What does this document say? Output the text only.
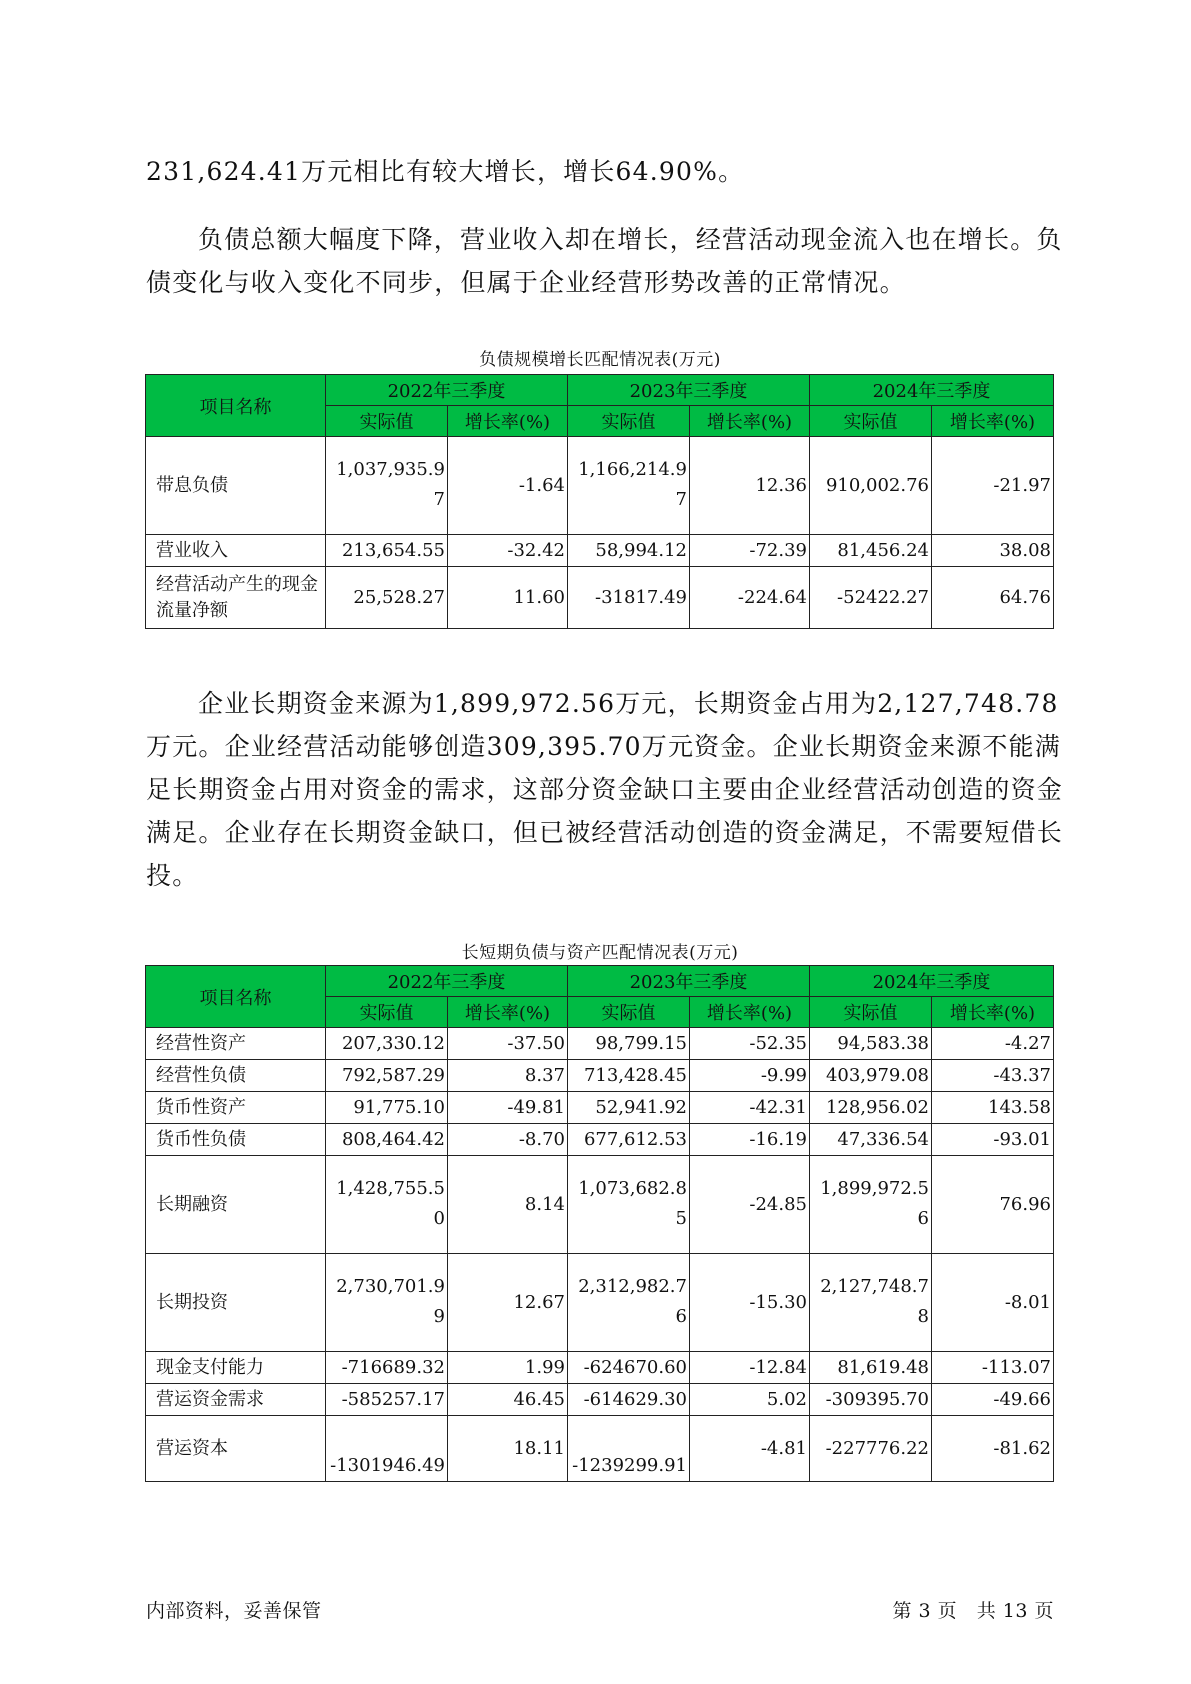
231,624.41万元相比有较大增长，增长64.90%。

负债总额大幅度下降，营业收入却在增长，经营活动现金流入也在增长。负债变化与收入变化不同步，但属于企业经营形势改善的正常情况。

负债规模增长匹配情况表(万元)
项目名称	2022年三季度		2023年三季度		2024年三季度	
	实际值	增长率(%)	实际值	增长率(%)	实际值	增长率(%)
带息负债	1,037,935.97	-1.64	1,166,214.97	12.36	910,002.76	-21.97
营业收入	213,654.55	-32.42	58,994.12	-72.39	81,456.24	38.08
经营活动产生的现金流量净额	25,528.27	11.60	-31817.49	-224.64	-52422.27	64.76

企业长期资金来源为1,899,972.56万元，长期资金占用为2,127,748.78万元。企业经营活动能够创造309,395.70万元资金。企业长期资金来源不能满足长期资金占用对资金的需求，这部分资金缺口主要由企业经营活动创造的资金满足。企业存在长期资金缺口，但已被经营活动创造的资金满足，不需要短借长投。

长短期负债与资产匹配情况表(万元)
项目名称	2022年三季度		2023年三季度		2024年三季度	
	实际值	增长率(%)	实际值	增长率(%)	实际值	增长率(%)
经营性资产	207,330.12	-37.50	98,799.15	-52.35	94,583.38	-4.27
经营性负债	792,587.29	8.37	713,428.45	-9.99	403,979.08	-43.37
货币性资产	91,775.10	-49.81	52,941.92	-42.31	128,956.02	143.58
货币性负债	808,464.42	-8.70	677,612.53	-16.19	47,336.54	-93.01
长期融资	1,428,755.50	8.14	1,073,682.85	-24.85	1,899,972.56	76.96
长期投资	2,730,701.99	12.67	2,312,982.76	-15.30	2,127,748.78	-8.01
现金支付能力	-716689.32	1.99	-624670.60	-12.84	81,619.48	-113.07
营运资金需求	-585257.17	46.45	-614629.30	5.02	-309395.70	-49.66
营运资本	-1301946.49	18.11	-1239299.91	-4.81	-227776.22	-81.62
内部资料，妥善保管	第 3 页   共 13 页
